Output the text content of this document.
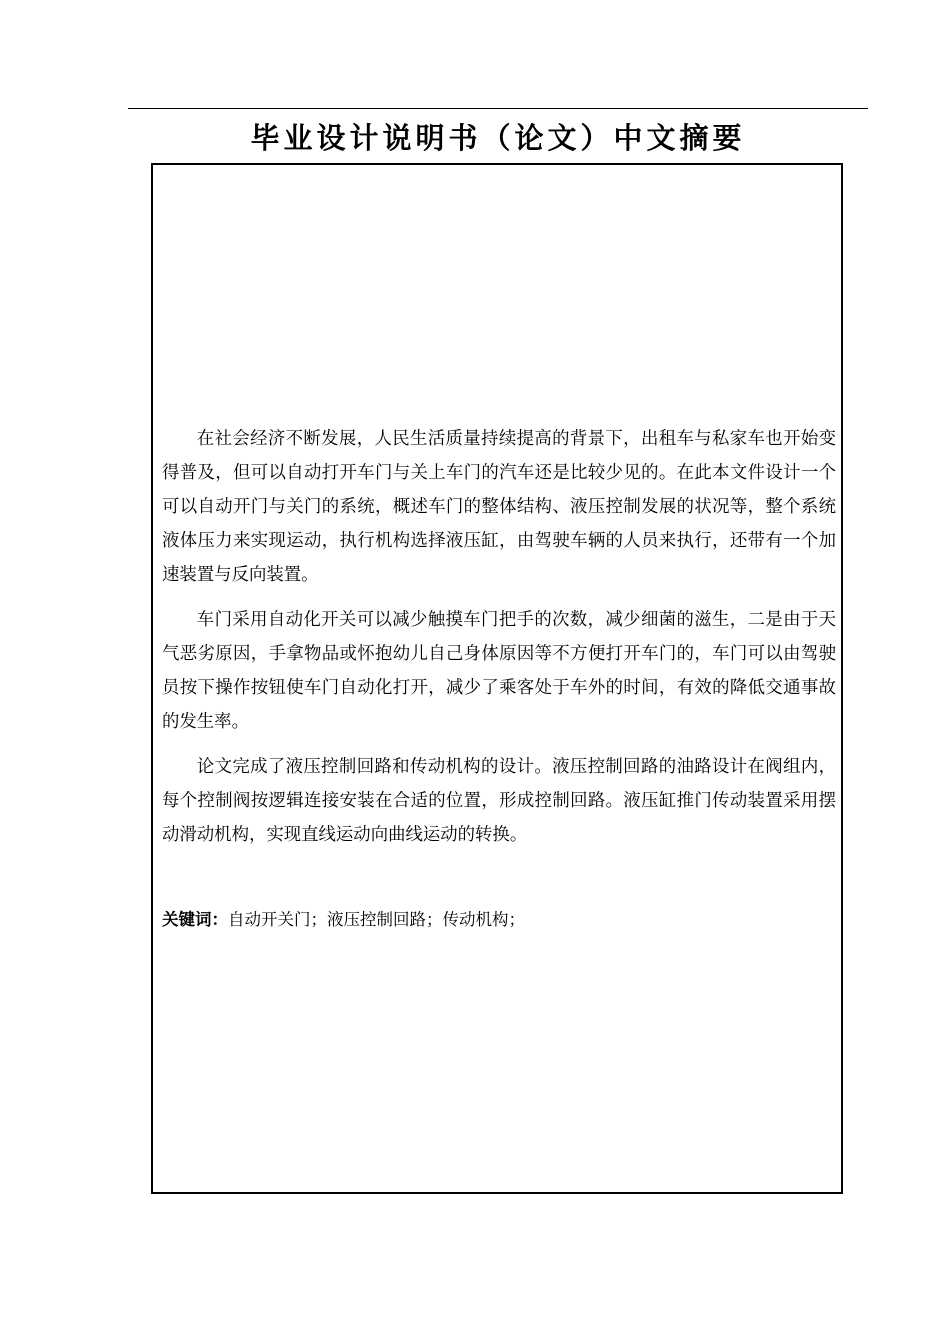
毕业设计说明书（论文）中文摘要

在社会经济不断发展，人民生活质量持续提高的背景下，出租车与私家车也开始变得普及，但可以自动打开车门与关上车门的汽车还是比较少见的。在此本文件设计一个可以自动开门与关门的系统，概述车门的整体结构、液压控制发展的状况等，整个系统液体压力来实现运动，执行机构选择液压缸，由驾驶车辆的人员来执行，还带有一个加速装置与反向装置。

车门采用自动化开关可以减少触摸车门把手的次数，减少细菌的滋生，二是由于天气恶劣原因，手拿物品或怀抱幼儿自己身体原因等不方便打开车门的，车门可以由驾驶员按下操作按钮使车门自动化打开，减少了乘客处于车外的时间，有效的降低交通事故的发生率。

论文完成了液压控制回路和传动机构的设计。液压控制回路的油路设计在阀组内，每个控制阀按逻辑连接安装在合适的位置，形成控制回路。液压缸推门传动装置采用摆动滑动机构，实现直线运动向曲线运动的转换。

关键词：自动开关门；液压控制回路；传动机构；
